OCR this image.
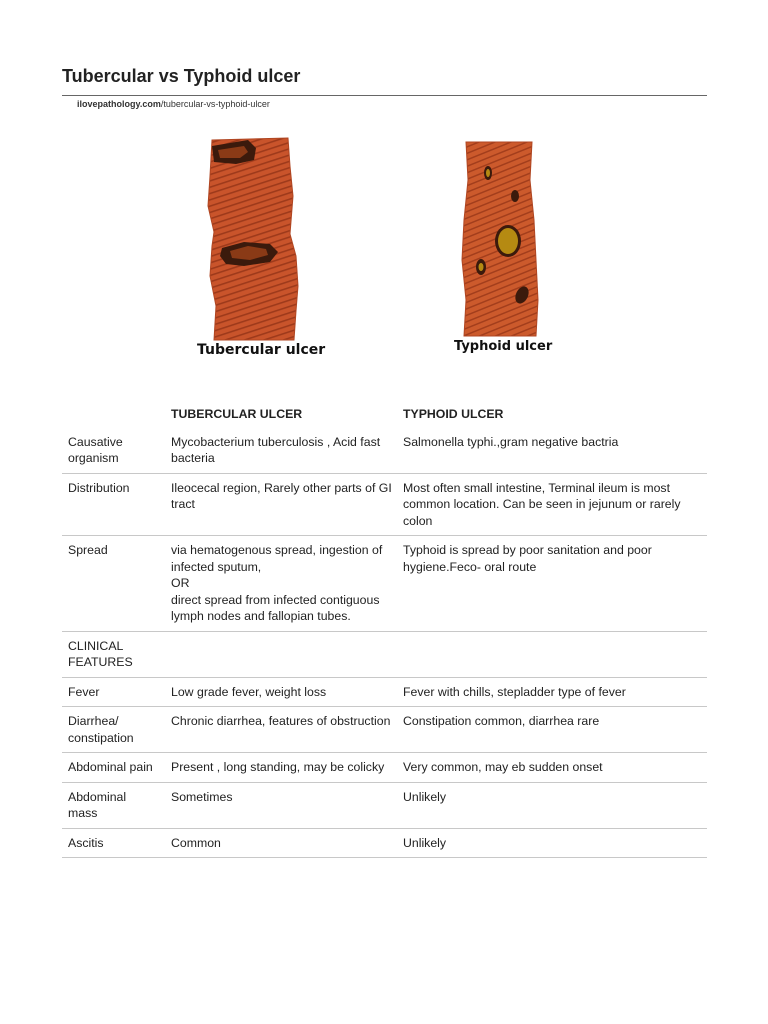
Tubercular vs Typhoid ulcer
ilovepathology.com/tubercular-vs-typhoid-ulcer
Tubercular ulcer	Typhoid ulcer
	TUBERCULAR ULCER	TYPHOID ULCER
Causative organism	Mycobacterium tuberculosis , Acid fast bacteria	Salmonella typhi.,gram negative bactria
Distribution	Ileocecal region, Rarely other parts of GI tract	Most often small intestine, Terminal ileum is most common location. Can be seen in jejunum or rarely colon
Spread	via hematogenous spread, ingestion of infected sputum,
OR
direct spread from infected contiguous lymph nodes and fallopian tubes.	Typhoid is spread by poor sanitation and poor hygiene.Feco- oral route
CLINICAL FEATURES		
Fever	Low grade fever, weight loss	Fever with chills, stepladder type of fever
Diarrhea/ constipation	Chronic diarrhea, features of obstruction	Constipation common, diarrhea rare
Abdominal pain	Present , long standing, may be colicky	Very common, may eb sudden onset
Abdominal mass	Sometimes	Unlikely
Ascitis	Common	Unlikely
